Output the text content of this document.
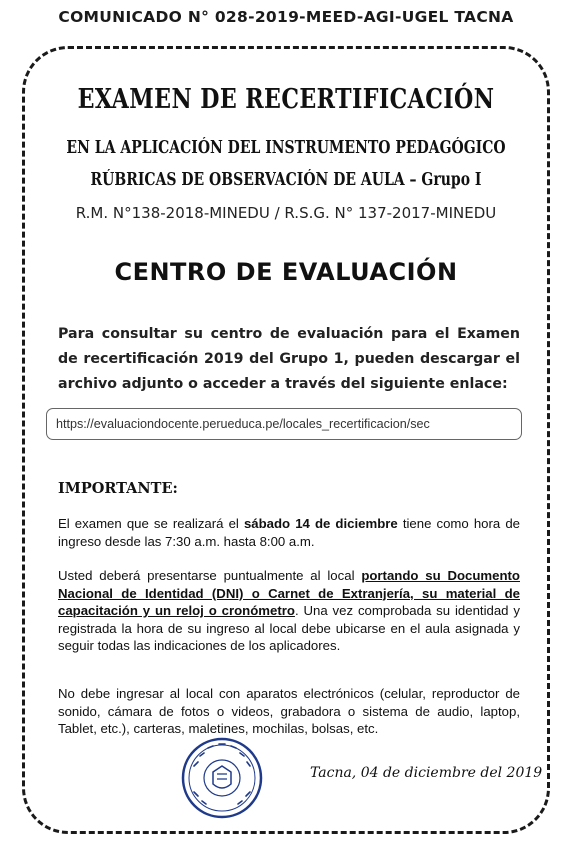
COMUNICADO N° 028-2019-MEED-AGI-UGEL TACNA
EXAMEN DE RECERTIFICACIÓN
EN LA APLICACIÓN DEL INSTRUMENTO PEDAGÓGICO
RÚBRICAS DE OBSERVACIÓN DE AULA – Grupo I
R.M. N°138-2018-MINEDU / R.S.G. N° 137-2017-MINEDU
CENTRO DE EVALUACIÓN
Para consultar su centro de evaluación para el Examen de recertificación 2019 del Grupo 1, pueden descargar el archivo adjunto o acceder a través del siguiente enlace:
https://evaluaciondocente.perueduca.pe/locales_recertificacion/sec
IMPORTANTE:
El examen que se realizará el sábado 14 de diciembre tiene como hora de ingreso desde las 7:30 a.m. hasta 8:00 a.m.
Usted deberá presentarse puntualmente al local portando su Documento Nacional de Identidad (DNI) o Carnet de Extranjería, su material de capacitación y un reloj o cronómetro. Una vez comprobada su identidad y registrada la hora de su ingreso al local debe ubicarse en el aula asignada y seguir todas las indicaciones de los aplicadores.
No debe ingresar al local con aparatos electrónicos (celular, reproductor de sonido, cámara de fotos o videos, grabadora o sistema de audio, laptop, Tablet, etc.), carteras, maletines, mochilas, bolsas, etc.
Tacna, 04 de diciembre del 2019
